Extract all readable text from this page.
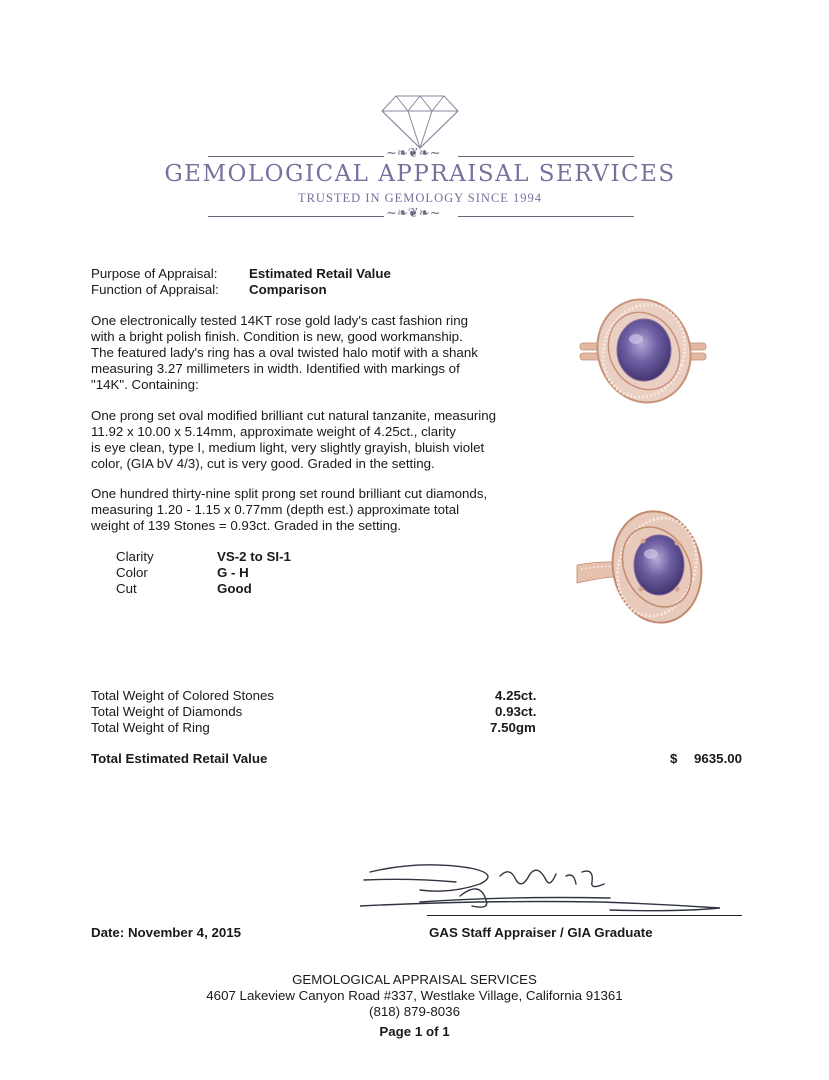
~❧❦❧~
GEMOLOGICAL APPRAISAL SERVICES
TRUSTED IN GEMOLOGY SINCE 1994
~❧❦❧~
Purpose of Appraisal: Estimated Retail Value
Function of Appraisal: Comparison
One electronically tested 14KT rose gold lady's cast fashion ring
with a bright polish finish. Condition is new, good workmanship.
The featured lady's ring has a oval twisted halo motif with a shank
measuring 3.27 millimeters in width. Identified with markings of
"14K". Containing:
One prong set oval modified brilliant cut natural tanzanite, measuring
11.92 x 10.00 x 5.14mm, approximate weight of 4.25ct., clarity
is eye clean, type I, medium light, very slightly grayish, bluish violet
color, (GIA bV 4/3), cut is very good. Graded in the setting.
One hundred thirty-nine split prong set round brilliant cut diamonds,
measuring 1.20 - 1.15 x 0.77mm (depth est.) approximate total
weight of 139 Stones = 0.93ct. Graded in the setting.
Clarity	VS-2 to SI-1
Color	G - H
Cut	Good
Total Weight of Colored Stones	4.25ct.
Total Weight of Diamonds	0.93ct.
Total Weight of Ring	7.50gm
Total Estimated Retail Value	$ 9635.00
Date: November 4, 2015	GAS Staff Appraiser / GIA Graduate
GEMOLOGICAL APPRAISAL SERVICES
4607 Lakeview Canyon Road #337, Westlake Village, California 91361
(818) 879-8036
Page 1 of 1
